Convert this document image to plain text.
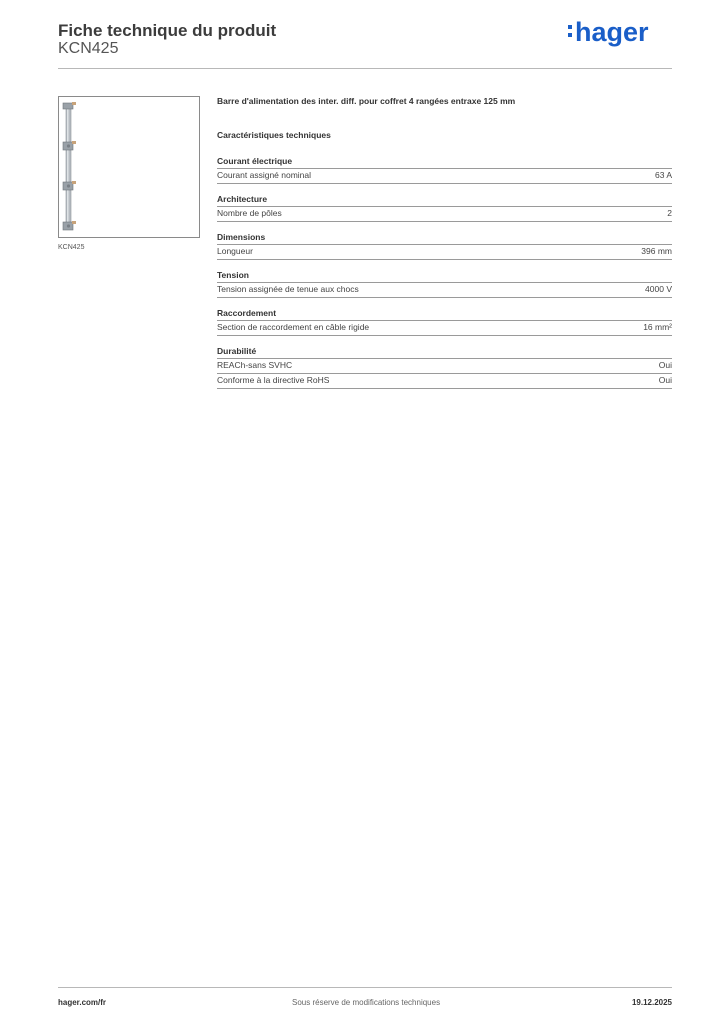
Fiche technique du produit
KCN425
hager
KCN425
Barre d'alimentation des inter. diff. pour coffret 4 rangées entraxe 125 mm
Caractéristiques techniques
Courant électrique
Courant assigné nominal	63 A
Architecture
Nombre de pôles	2
Dimensions
Longueur	396 mm
Tension
Tension assignée de tenue aux chocs	4000 V
Raccordement
Section de raccordement en câble rigide	16 mm²
Durabilité
REACh-sans SVHC	Oui
Conforme à la directive RoHS	Oui
hager.com/fr	Sous réserve de modifications techniques	19.12.2025
